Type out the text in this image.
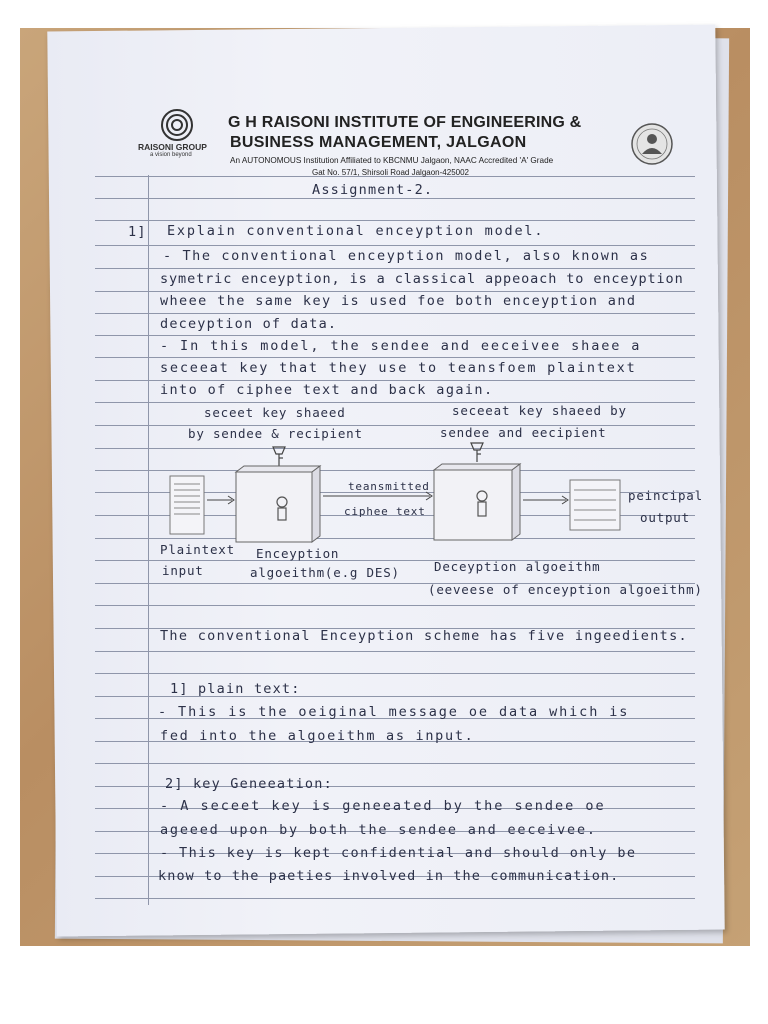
RAISONI GROUP
a vision beyond

G H RAISONI INSTITUTE OF ENGINEERING &

BUSINESS MANAGEMENT, JALGAON

An AUTONOMOUS Institution Affiliated to KBCNMU Jalgaon, NAAC Accredited 'A' Grade

Gat No. 57/1, Shirsoli Road Jalgaon-425002

Assignment-2.

1] Explain conventional enceyption model.

- The conventional enceyption model, also known as

symetric enceyption, is a classical appeoach to enceyption

wheee the same key is used foe both enceyption and

deceyption of data.

- In this model, the sendee and eeceivee shaee a

seceeat key that they use to teansfoem plaintext

into of ciphee text and back again.

seceet key shaeed

by sendee & recipient

seceeat key shaeed by

sendee and eecipient

teansmitted

ciphee text

peincipal

output

Plaintext

input

Enceyption

algoeithm(e.g DES)	Deceyption algoeithm

(eeveese of enceyption algoeithm)

The conventional Enceyption scheme has five ingeedients.

1] plain text:

- This is the oeiginal message oe data which is

fed into the algoeithm as input.

2] key Geneeation:

- A seceet key is geneeated by the sendee oe

ageeed upon by both the sendee and eeceivee.

- This key is kept confidential and should only be

know to the paeties involved in the communication.
